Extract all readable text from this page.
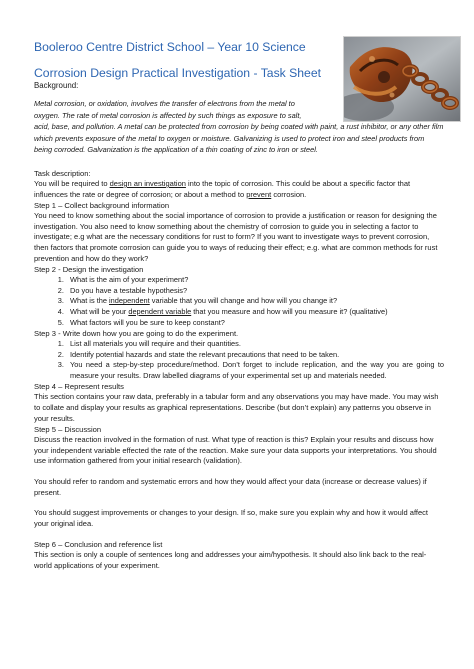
Booleroo Centre District School – Year 10 Science
Corrosion Design Practical Investigation - Task Sheet
Background:
Metal corrosion, or oxidation, involves the transfer of electrons from the metal to
oxygen. The rate of metal corrosion is affected by such things as exposure to salt,
acid, base, and pollution. A metal can be protected from corrosion by being coated with paint, a rust inhibitor, or any other film which prevents exposure of the metal to oxygen or moisture. Galvanizing is used to protect iron and steel products from being corroded. Galvanization is the application of a thin coating of zinc to iron or steel.
Task description:
You will be required to design an investigation into the topic of corrosion. This could be about a specific factor that influences the rate or degree of corrosion; or about a method to prevent corrosion.
Step 1 – Collect background information
You need to know something about the social importance of corrosion to provide a justification or reason for designing the investigation. You also need to know something about the chemistry of corrosion to guide you in selecting a factor to investigate; e.g what are the necessary conditions for rust to form? If you want to investigate ways to prevent corrosion, then factors that promote corrosion can guide you to ways of reducing their effect; e.g. what are common methods for rust prevention and how do they work?
Step 2 - Design the investigation
1. What is the aim of your experiment?
2. Do you have a testable hypothesis?
3. What is the independent variable that you will change and how will you change it?
4. What will be your dependent variable that you measure and how will you measure it? (qualitative)
5. What factors will you be sure to keep constant?
Step 3 - Write down how you are going to do the experiment.
1. List all materials you will require and their quantities.
2. Identify potential hazards and state the relevant precautions that need to be taken.
3. You need a step-by-step procedure/method. Don’t forget to include replication, and the way you are going to measure your results. Draw labelled diagrams of your experimental set up and materials needed.
Step 4 – Represent results
This section contains your raw data, preferably in a tabular form and any observations you may have made. You may wish to collate and display your results as graphical representations. Describe (but don’t explain) any patterns you observe in your results.
Step 5 – Discussion
Discuss the reaction involved in the formation of rust. What type of reaction is this? Explain your results and discuss how your independent variable effected the rate of the reaction. Make sure your data supports your interpretations. You should use information gathered from your initial research (validation).
You should refer to random and systematic errors and how they would affect your data (increase or decrease values) if present.
You should suggest improvements or changes to your design. If so, make sure you explain why and how it would affect your original idea.
Step 6 – Conclusion and reference list
This section is only a couple of sentences long and addresses your aim/hypothesis. It should also link back to the real-world applications of your experiment.
